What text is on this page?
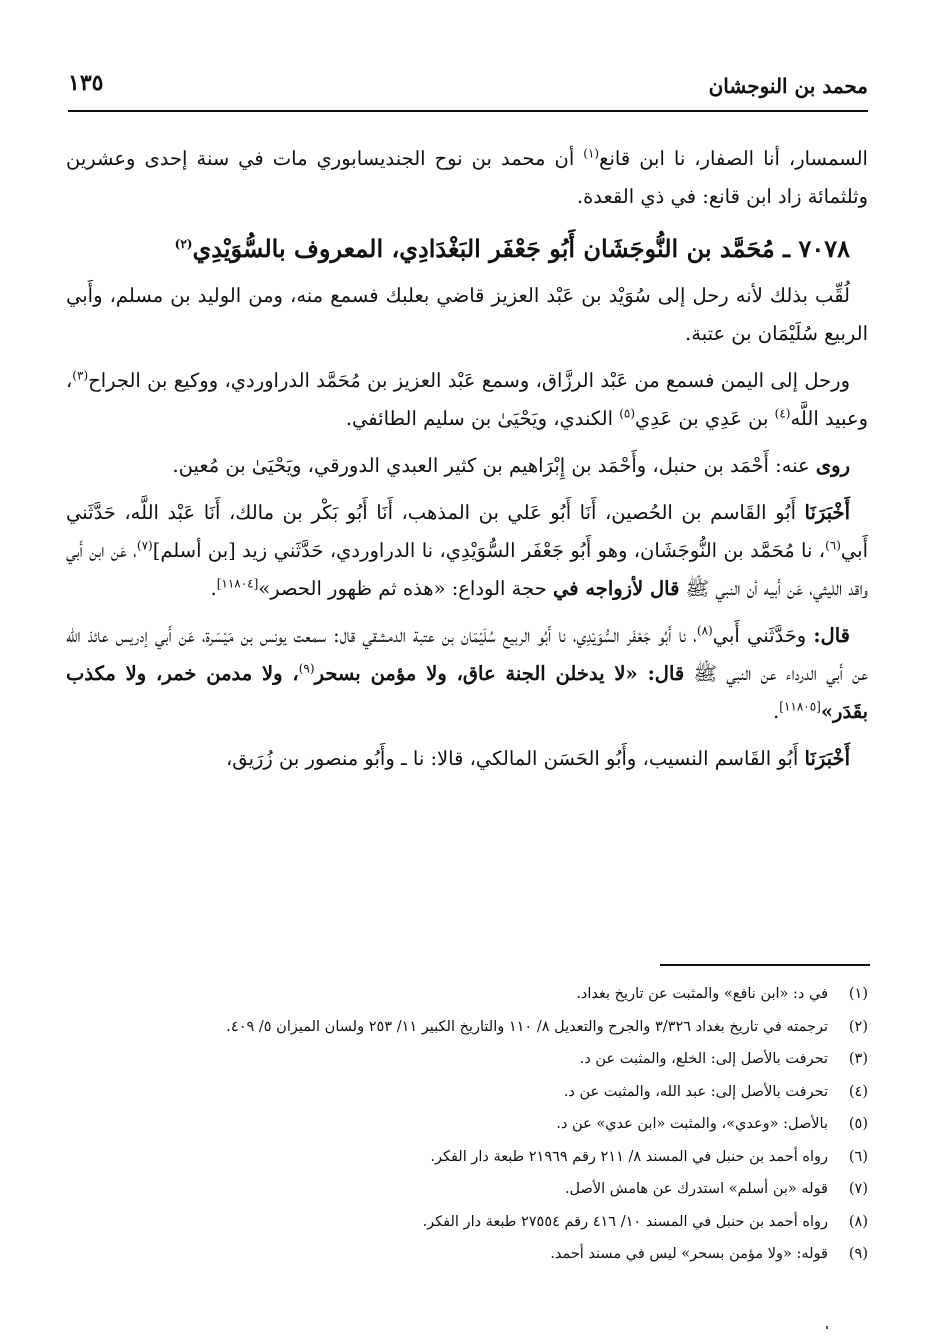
محمد بن النوجشان
١٣٥

السمسار، أنا الصفار، نا ابن قانع$^{(١)}$ أن محمد بن نوح الجنديسابوري مات في سنة إحدى وعشرين وثلثمائة زاد ابن قانع: في ذي القعدة.

٧٠٧٨ ـ مُحَمَّد بن النُّوجَشَان أَبُو جَعْفَر البَغْدَادِي، المعروف بالسُّوَيْدِي$^{(٢)}$

لُقِّب بذلك لأنه رحل إلى سُوَيْد بن عَبْد العزيز قاضي بعلبك فسمع منه، ومن الوليد بن مسلم، وأَبي الربيع سُلَيْمَان بن عتبة.

ورحل إلى اليمن فسمع من عَبْد الرزَّاق، وسمع عَبْد العزيز بن مُحَمَّد الدراوردي، ووكيع بن الجراح$^{(٣)}$، وعبيد اللَّه$^{(٤)}$ بن عَدِي بن عَدِي$^{(٥)}$ الكندي، ويَحْيَىٰ بن سليم الطائفي.

روى عنه: أَحْمَد بن حنبل، وأَحْمَد بن إِبْرَاهيم بن كثير العبدي الدورقي، ويَحْيَىٰ بن مُعين.

أَخْبَرَنَا أَبُو القَاسم بن الحُصين، أَنَا أَبُو عَلي بن المذهب، أَنَا أَبُو بَكْر بن مالك، أَنَا عَبْد اللَّه، حَدَّثَني أَبي$^{(٦)}$، نا مُحَمَّد بن النُّوجَشَان، وهو أَبُو جَعْفَر السُّوَيْدِي، نا الدراوردي، حَدَّثَني زيد [بن أسلم]$^{(٧)}$، عَن ابن أَبي واقد الليثي، عَن أَبيه أن النبي ﷺ قال لأزواجه في حجة الوداع: «هذه ثم ظهور الحصر»[١١٨٠٤].

قال: وحَدَّثَني أَبي$^{(٨)}$، نا أَبُو جَعْفَر السُّوَيْدِي، نا أَبُو الربيع سُلَيْمَان بن عتبة الدمشقي قال: سمعت يونس بن مَيْسَرة، عَن أَبي إدريس عائذ الله عن أَبي الدرداء عن النبي ﷺ قال: «لا يدخلن الجنة عاق، ولا مؤمن بسحر$^{(٩)}$، ولا مدمن خمر، ولا مكذب بقَدَر»[١١٨٠٥].

أَخْبَرَنَا أَبُو القَاسم النسيب، وأَبُو الحَسَن المالكي، قالا: نا ـ وأَبُو منصور بن زُرَيق،

(١)
في د: «ابن نافع» والمثبت عن تاريخ بغداد.
(٢)
ترجمته في تاريخ بغداد ٣/٣٢٦ والجرح والتعديل ٨/ ١١٠ والتاريخ الكبير ١١/ ٢٥٣ ولسان الميزان ٥/ ٤٠٩.
(٣)
تحرفت بالأصل إلى: الخلع، والمثبت عن د.
(٤)
تحرفت بالأصل إلى: عبد الله، والمثبت عن د.
(٥)
بالأصل: «وعدي»، والمثبت «ابن عدي» عن د.
(٦)
رواه أحمد بن حنبل في المسند ٨/ ٢١١ رقم ٢١٩٦٩ طبعة دار الفكر.
(٧)
قوله «بن أسلم» استدرك عن هامش الأصل.
(٨)
رواه أحمد بن حنبل في المسند ١٠/ ٤١٦ رقم ٢٧٥٥٤ طبعة دار الفكر.
(٩)
قوله: «ولا مؤمن بسحر» ليس في مسند أحمد.
